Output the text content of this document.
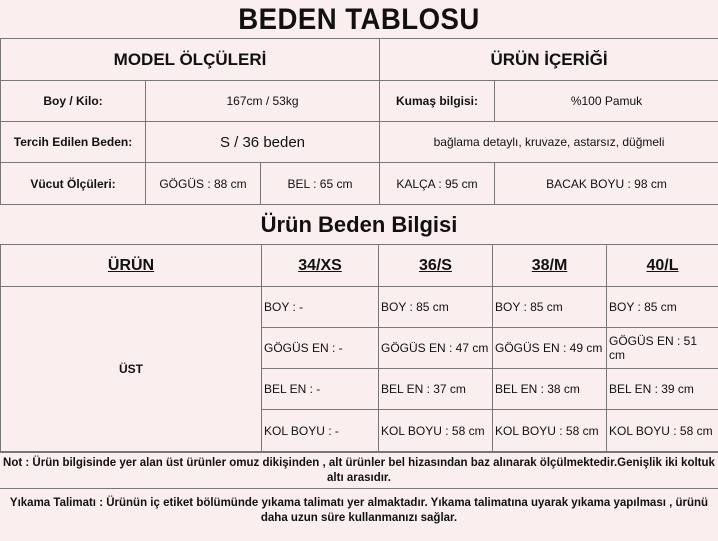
BEDEN TABLOSU
MODEL ÖLÇÜLERİ			ÜRÜN İÇERİĞİ	
Boy / Kilo:	167cm / 53kg		Kumaş bilgisi:	%100 Pamuk
Tercih Edilen Beden:	S / 36 beden		bağlama detaylı, kruvaze, astarsız, düğmeli	
Vücut Ölçüleri:	GÖGÜS : 88 cm	BEL : 65 cm	KALÇA : 95 cm	BACAK BOYU : 98 cm
Ürün Beden Bilgisi
ÜRÜN	34/XS	36/S	38/M	40/L
ÜST	BOY : -	BOY : 85 cm	BOY : 85 cm	BOY : 85 cm
	GÖGÜS EN : -	GÖGÜS EN : 47 cm	GÖGÜS EN : 49 cm	GÖGÜS EN : 51 cm
	BEL EN : -	BEL EN : 37 cm	BEL EN : 38 cm	BEL EN : 39 cm
	KOL BOYU : -	KOL BOYU : 58 cm	KOL BOYU : 58 cm	KOL BOYU : 58 cm
Not : Ürün bilgisinde yer alan üst ürünler omuz dikişinden , alt ürünler bel hizasından baz alınarak ölçülmektedir.Genişlik iki koltuk altı arasıdır.
Yıkama Talimatı : Ürünün iç etiket bölümünde yıkama talimatı yer almaktadır. Yıkama talimatına uyarak yıkama yapılması , ürünü daha uzun süre kullanmanızı sağlar.
